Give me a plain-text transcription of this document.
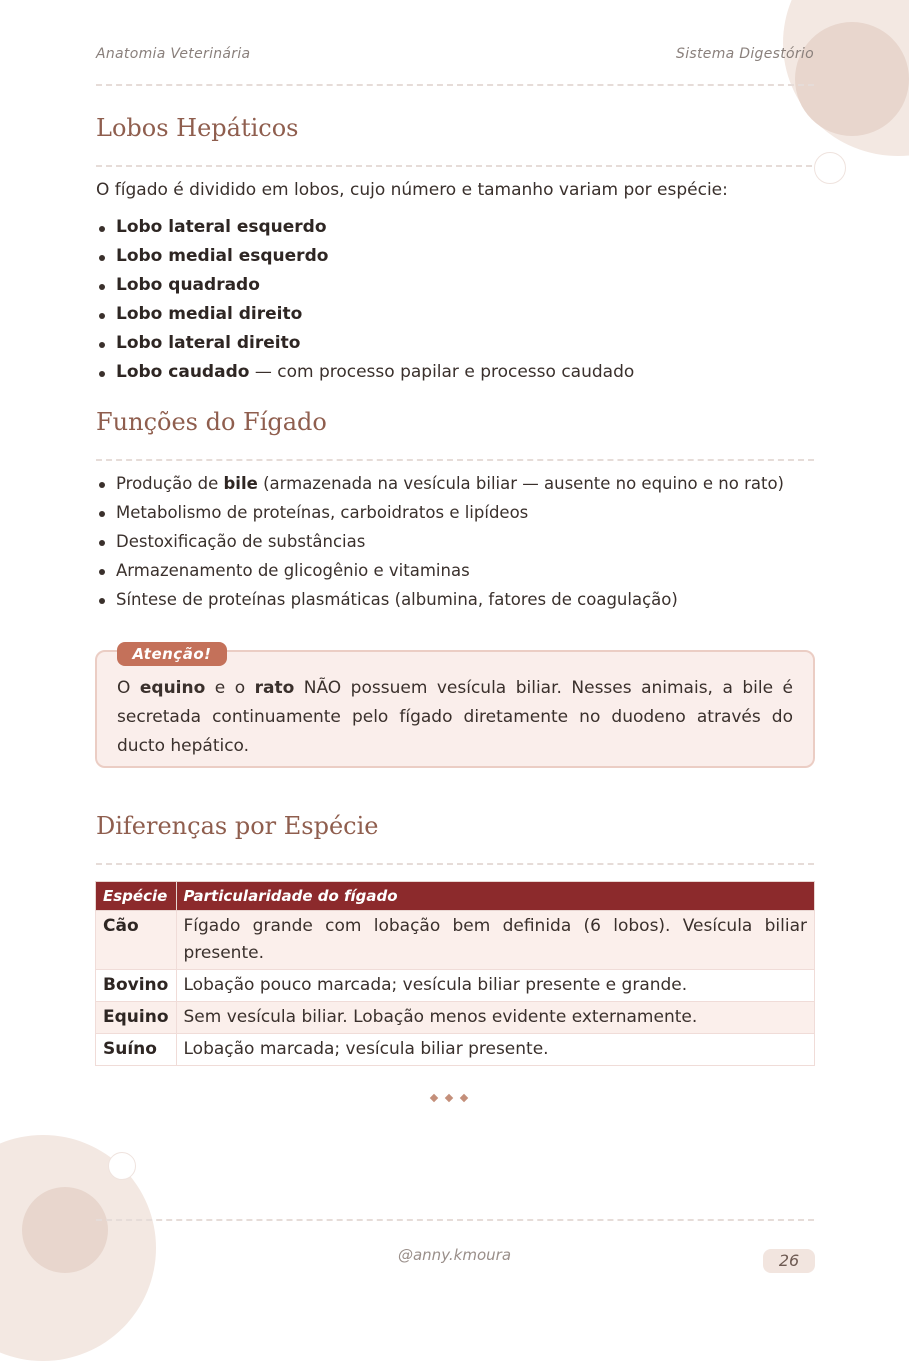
Anatomia Veterinária	Sistema Digestório
Lobos Hepáticos
O fígado é dividido em lobos, cujo número e tamanho variam por espécie:
Lobo lateral esquerdo
Lobo medial esquerdo
Lobo quadrado
Lobo medial direito
Lobo lateral direito
Lobo caudado — com processo papilar e processo caudado
Funções do Fígado
Produção de bile (armazenada na vesícula biliar — ausente no equino e no rato)
Metabolismo de proteínas, carboidratos e lipídeos
Destoxificação de substâncias
Armazenamento de glicogênio e vitaminas
Síntese de proteínas plasmáticas (albumina, fatores de coagulação)
Atenção!
O equino e o rato NÃO possuem vesícula biliar. Nesses animais, a bile é secretada continuamente pelo fígado diretamente no duodeno através do ducto hepático.
Diferenças por Espécie
Espécie	Particularidade do fígado
Cão	Fígado grande com lobação bem definida (6 lobos). Vesícula biliar presente.
Bovino	Lobação pouco marcada; vesícula biliar presente e grande.
Equino	Sem vesícula biliar. Lobação menos evidente externamente.
Suíno	Lobação marcada; vesícula biliar presente.
@anny.kmoura	26
